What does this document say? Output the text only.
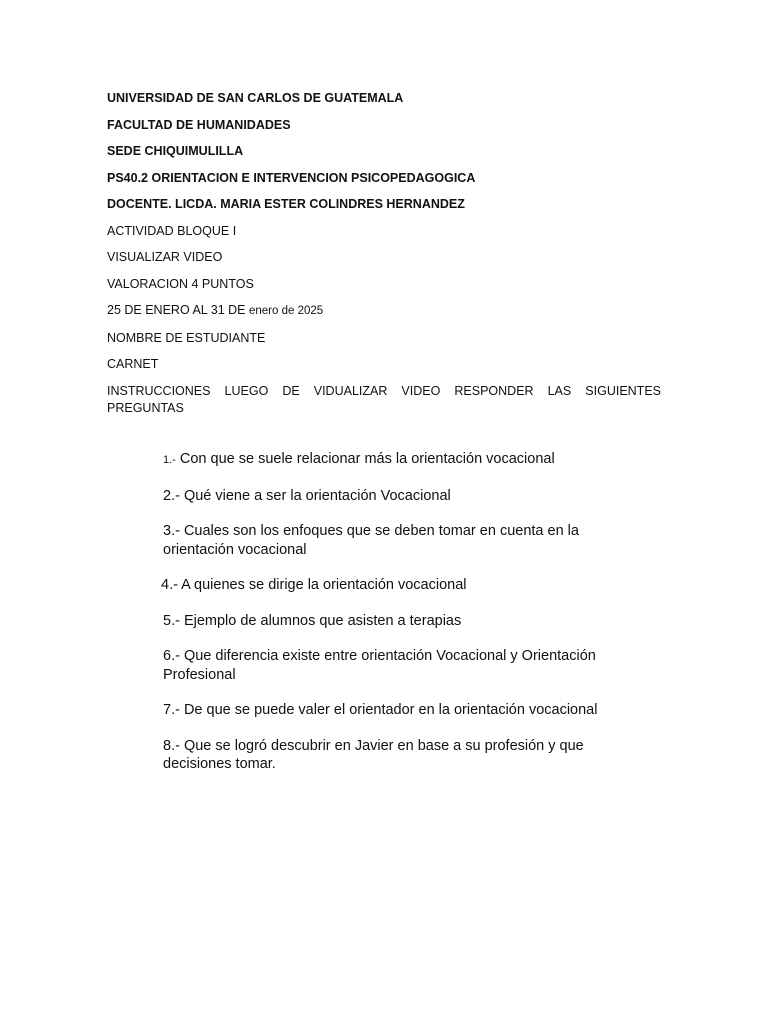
UNIVERSIDAD DE SAN CARLOS DE GUATEMALA

FACULTAD DE HUMANIDADES

SEDE CHIQUIMULILLA

PS40.2 ORIENTACION E INTERVENCION PSICOPEDAGOGICA

DOCENTE. LICDA. MARIA ESTER COLINDRES HERNANDEZ

ACTIVIDAD BLOQUE I

VISUALIZAR VIDEO

VALORACION 4 PUNTOS

25 DE ENERO AL 31 DE enero de 2025

NOMBRE DE ESTUDIANTE

CARNET

INSTRUCCIONES LUEGO DE VIDUALIZAR VIDEO RESPONDER LAS SIGUIENTES PREGUNTAS

1.- Con que se suele relacionar más la orientación vocacional
2.- Qué viene a ser la orientación Vocacional
3.- Cuales son los enfoques que se deben tomar en cuenta en la orientación vocacional
4.- A quienes se dirige la orientación vocacional
5.- Ejemplo de alumnos que asisten a terapias
6.- Que diferencia existe entre orientación Vocacional y Orientación Profesional
7.- De que se puede valer el orientador en la orientación vocacional
8.- Que se logró descubrir en Javier en base a su profesión y que decisiones tomar.
